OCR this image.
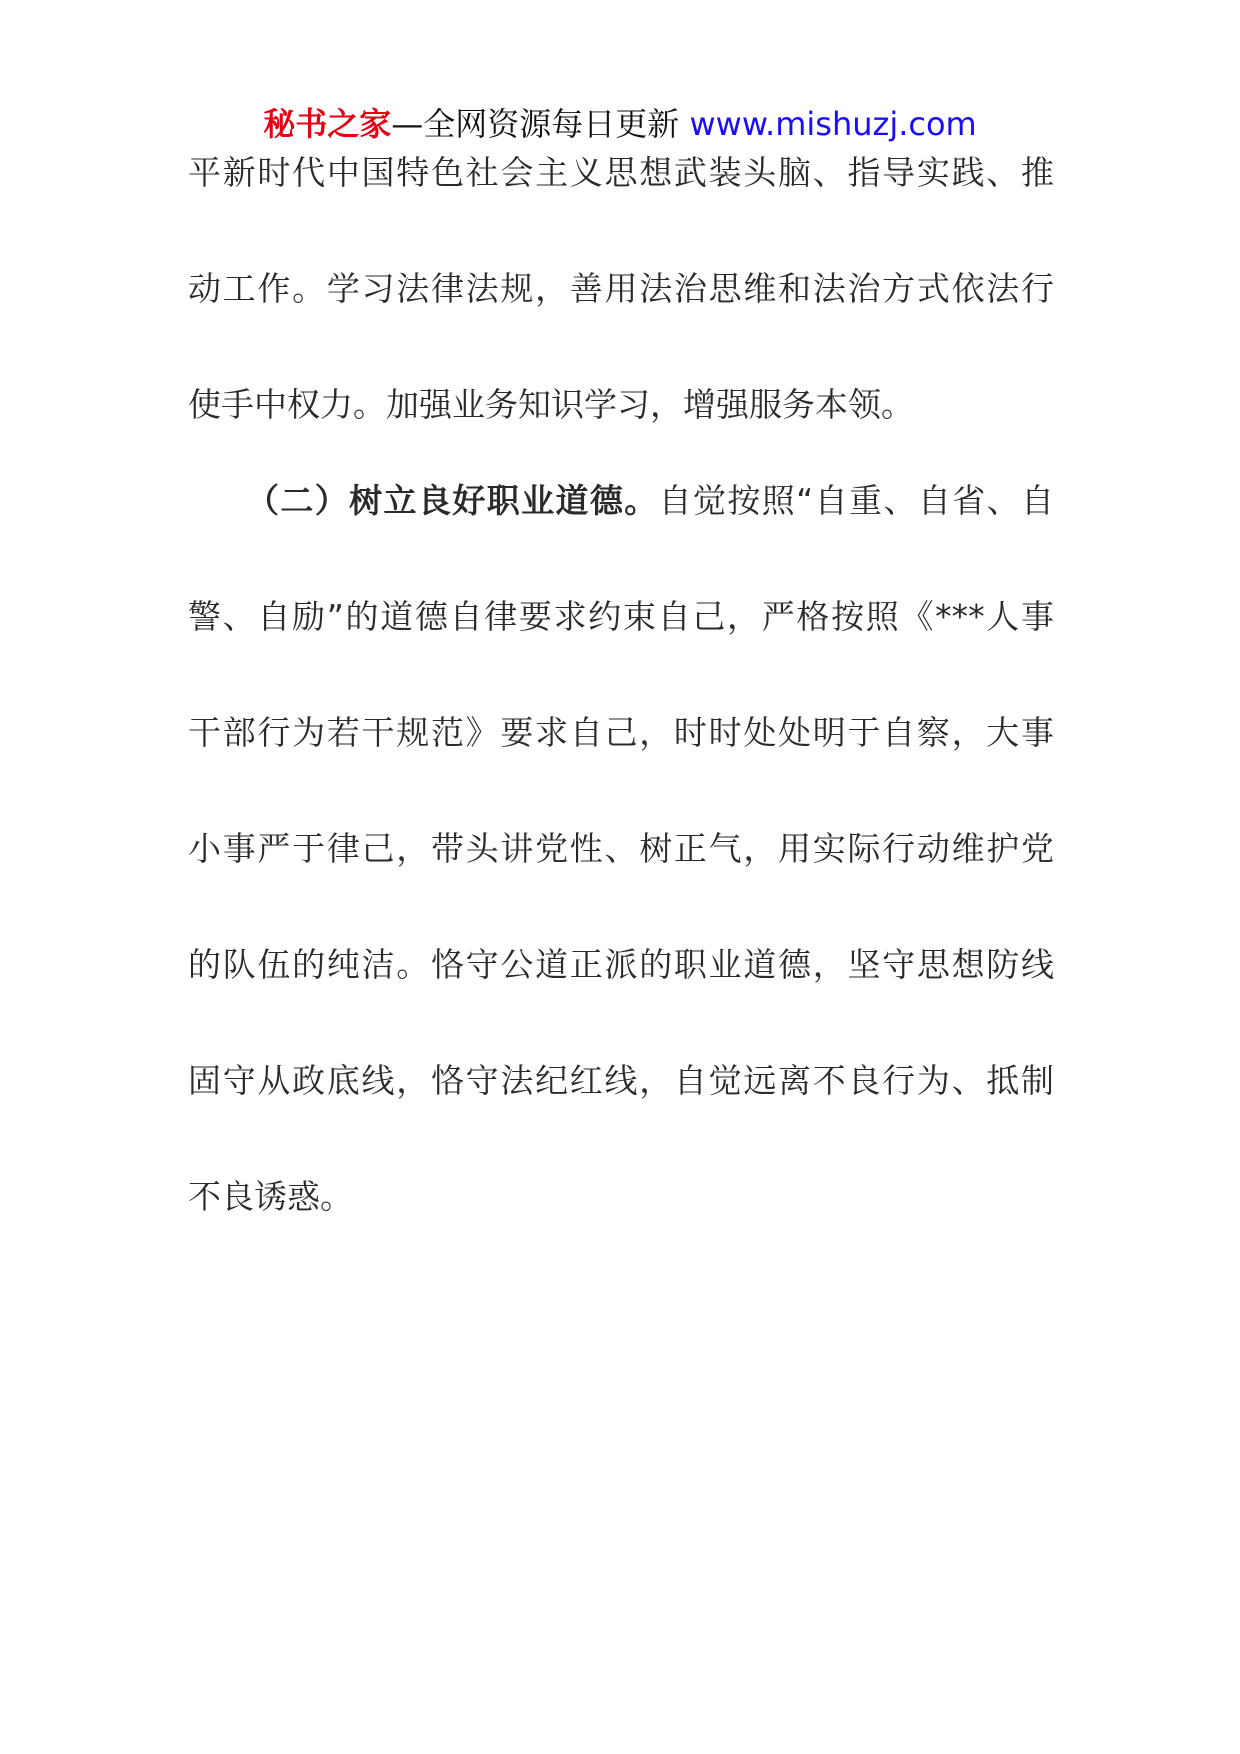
秘书之家—全网资源每日更新 www.mishuzj.com
平新时代中国特色社会主义思想武装头脑、指导实践、推
动工作。学习法律法规，善用法治思维和法治方式依法行
使手中权力。加强业务知识学习，增强服务本领。
（二）树立良好职业道德。自觉按照“自重、自省、自
警、自励”的道德自律要求约束自己，严格按照《***人事
干部行为若干规范》要求自己，时时处处明于自察，大事
小事严于律己，带头讲党性、树正气，用实际行动维护党
的队伍的纯洁。恪守公道正派的职业道德，坚守思想防线
固守从政底线，恪守法纪红线，自觉远离不良行为、抵制
不良诱惑。
